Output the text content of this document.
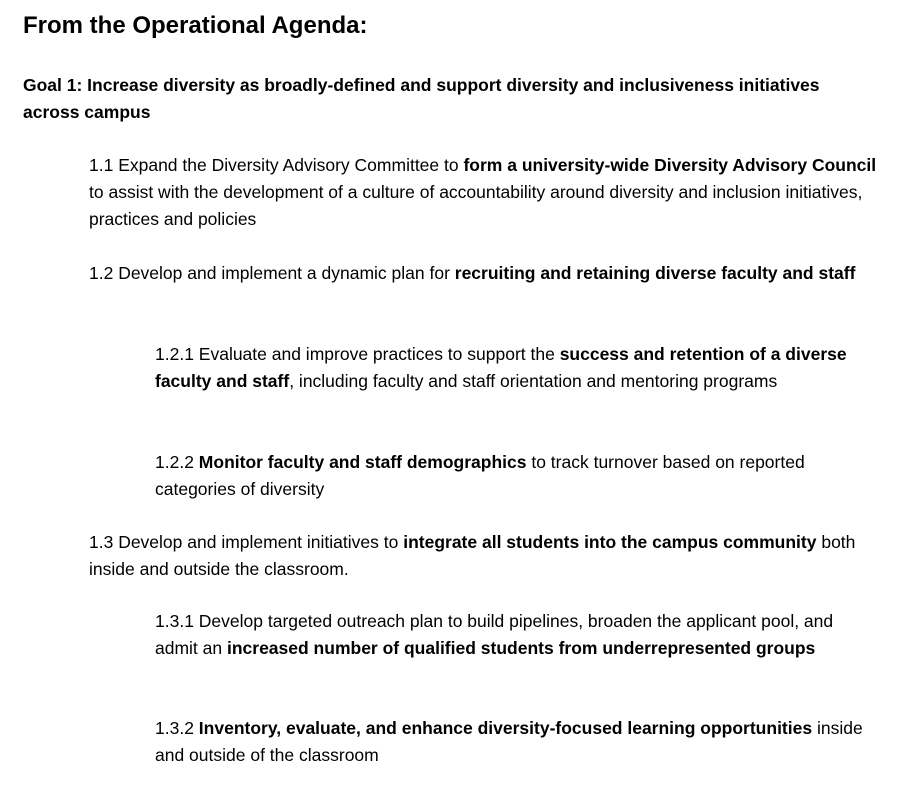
From the Operational Agenda:

Goal 1: Increase diversity as broadly-defined and support diversity and inclusiveness initiatives across campus

1.1 Expand the Diversity Advisory Committee to form a university-wide Diversity Advisory Council to assist with the development of a culture of accountability around diversity and inclusion initiatives, practices and policies

1.2 Develop and implement a dynamic plan for recruiting and retaining diverse faculty and staff

1.2.1 Evaluate and improve practices to support the success and retention of a diverse faculty and staff, including faculty and staff orientation and mentoring programs

1.2.2 Monitor faculty and staff demographics to track turnover based on reported categories of diversity

1.3 Develop and implement initiatives to integrate all students into the campus community both inside and outside the classroom.

1.3.1 Develop targeted outreach plan to build pipelines, broaden the applicant pool, and admit an increased number of qualified students from underrepresented groups

1.3.2 Inventory, evaluate, and enhance diversity-focused learning opportunities inside and outside of the classroom
